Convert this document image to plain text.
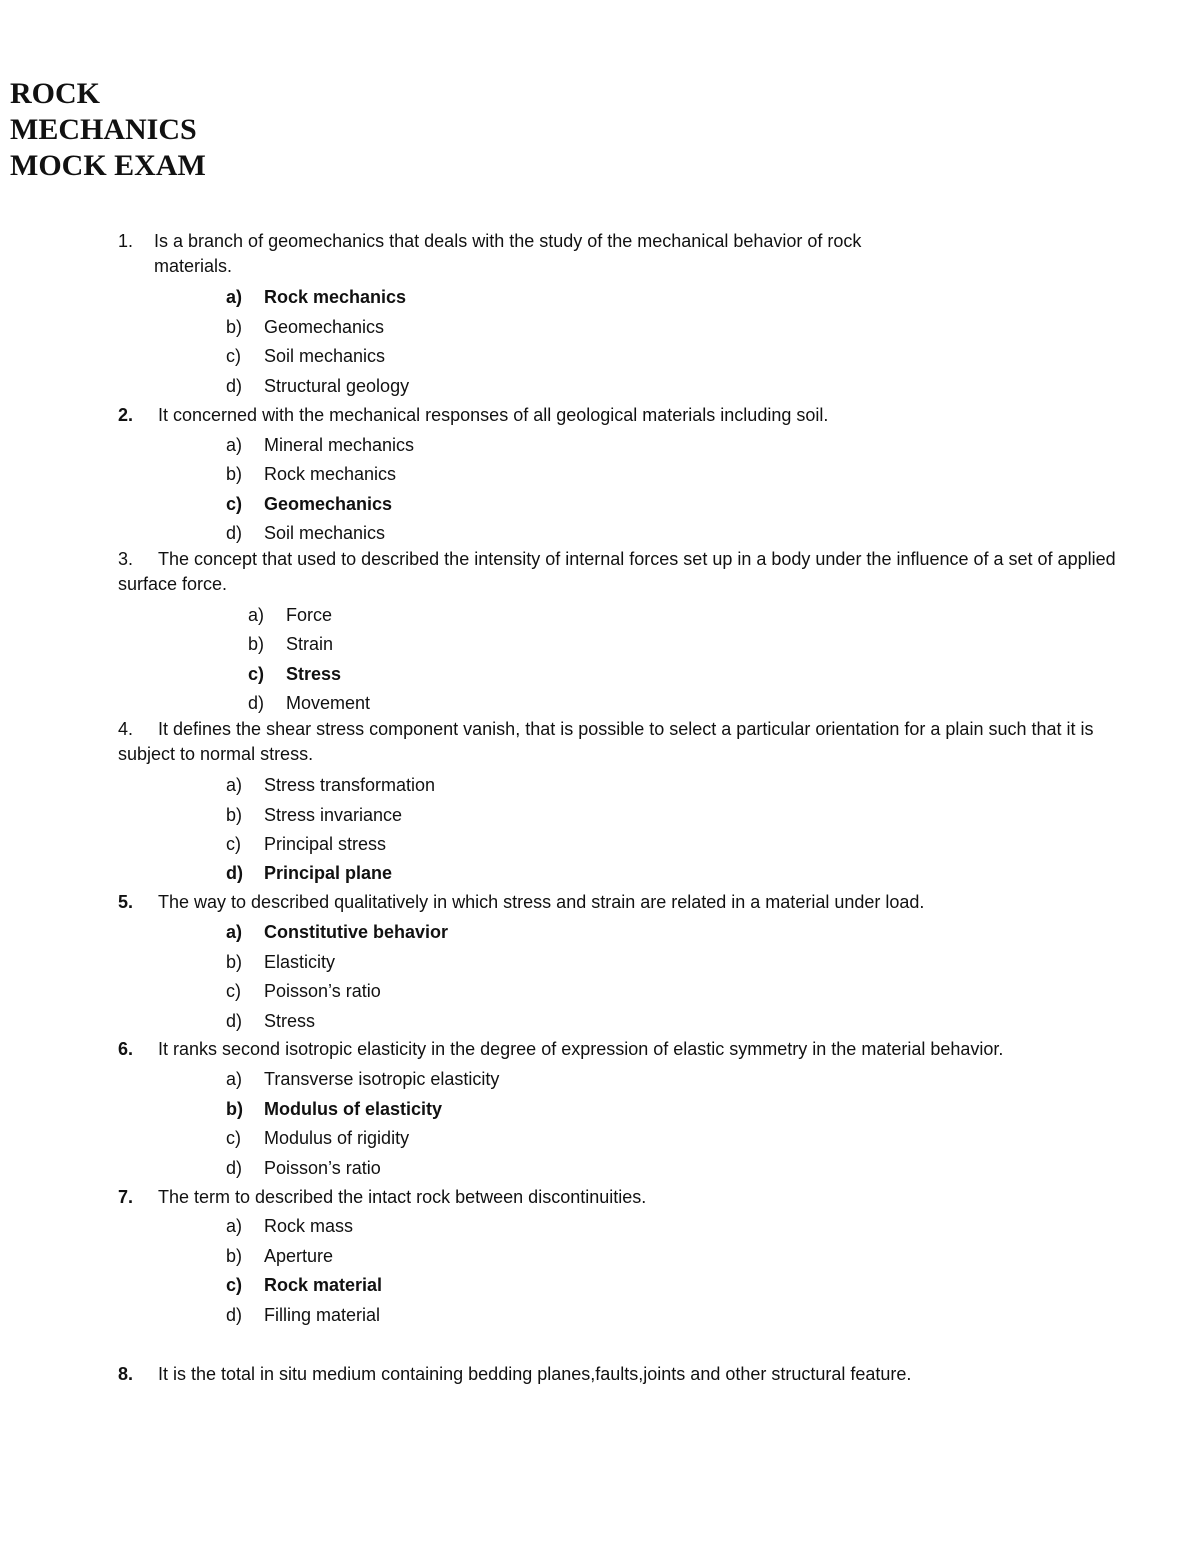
ROCK
MECHANICS
MOCK EXAM
1. Is a branch of geomechanics that deals with the study of the mechanical behavior of rock
materials.
a) Rock mechanics
b) Geomechanics
c) Soil mechanics
d) Structural geology
2. It concerned with the mechanical responses of all geological materials including soil.
a) Mineral mechanics
b) Rock mechanics
c) Geomechanics
d) Soil mechanics
3. The concept that used to described the intensity of internal forces set up in a body under the influence of a set of applied surface force.
a) Force
b) Strain
c) Stress
d) Movement
4. It defines the shear stress component vanish, that is possible to select a particular orientation for a plain such that it is subject to normal stress.
a) Stress transformation
b) Stress invariance
c) Principal stress
d) Principal plane
5. The way to described qualitatively in which stress and strain are related in a material under load.
a) Constitutive behavior
b) Elasticity
c) Poisson’s ratio
d) Stress
6. It ranks second isotropic elasticity in the degree of expression of elastic symmetry in the material behavior.
a) Transverse isotropic elasticity
b) Modulus of elasticity
c) Modulus of rigidity
d) Poisson’s ratio
7. The term to described the intact rock between discontinuities.
a) Rock mass
b) Aperture
c) Rock material
d) Filling material
8. It is the total in situ medium containing bedding planes,faults,joints and other structural feature.
